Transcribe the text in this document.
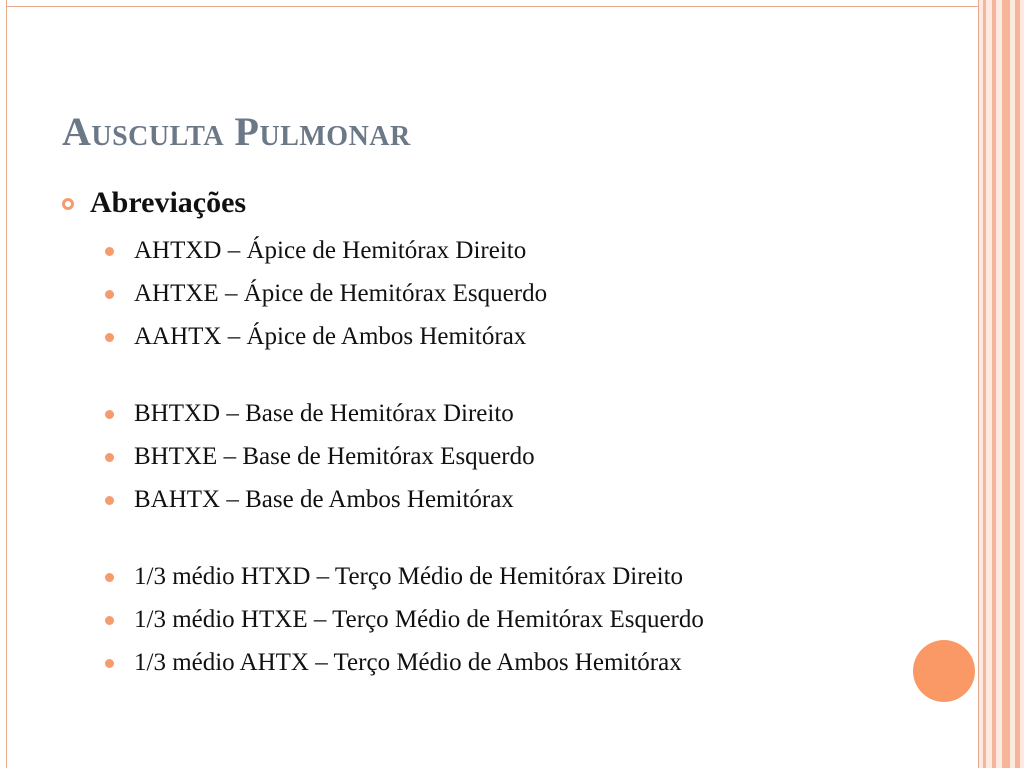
Ausculta Pulmonar
Abreviações
AHTXD – Ápice de Hemitórax Direito
AHTXE – Ápice de Hemitórax Esquerdo
AAHTX – Ápice de Ambos Hemitórax
BHTXD – Base de Hemitórax Direito
BHTXE – Base de Hemitórax Esquerdo
BAHTX – Base de Ambos Hemitórax
1/3 médio HTXD – Terço Médio de Hemitórax Direito
1/3 médio HTXE – Terço Médio de Hemitórax Esquerdo
1/3 médio AHTX – Terço Médio de Ambos Hemitórax
